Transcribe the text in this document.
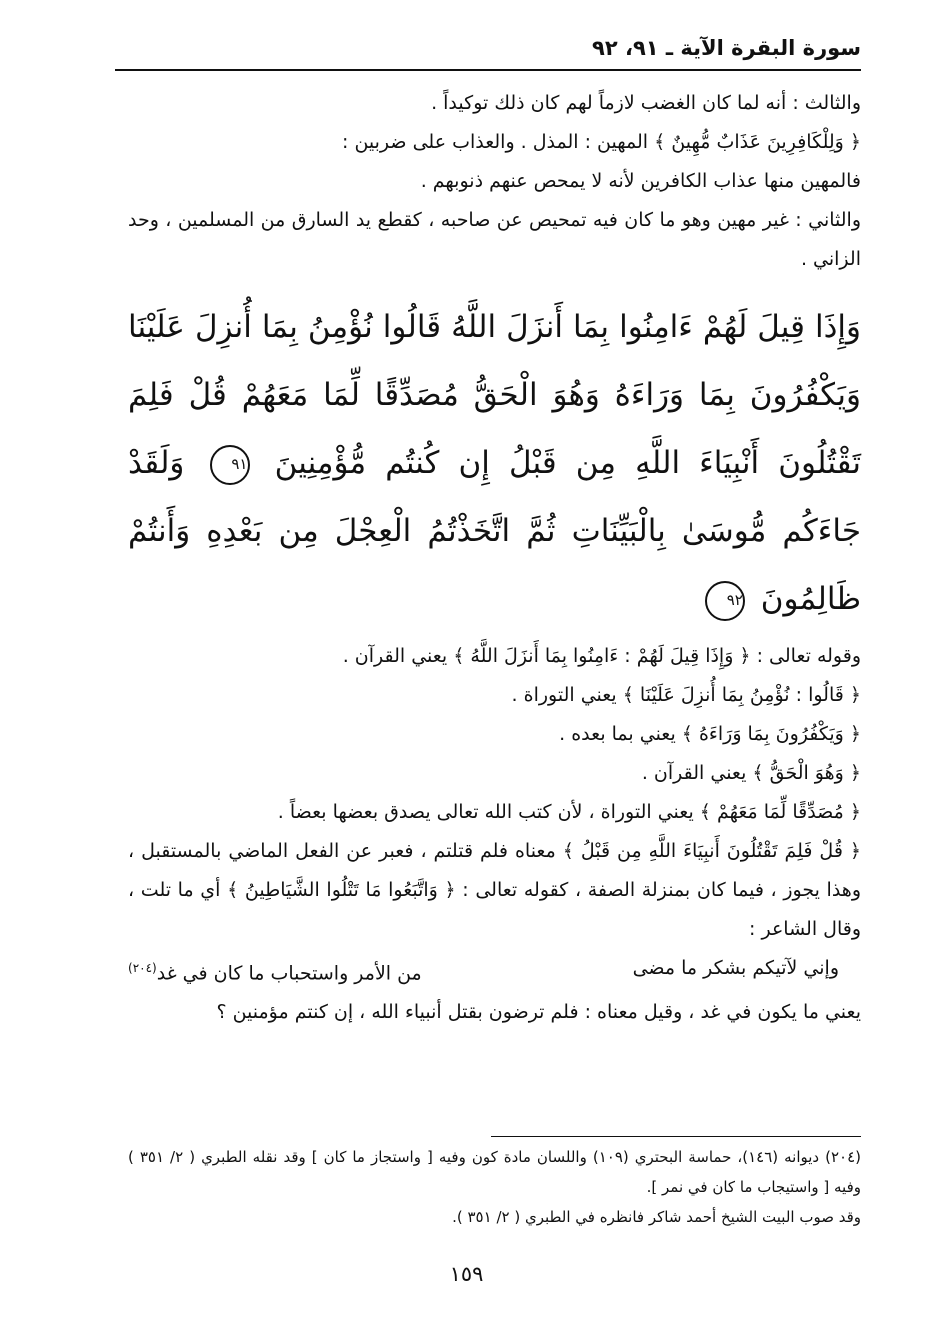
سورة البقرة الآية ـ ٩١، ٩٢

والثالث : أنه لما كان الغضب لازماً لهم كان ذلك توكيداً .

﴿ وَلِلْكَافِرِينَ عَذَابٌ مُّهِينٌ ﴾ المهين : المذل . والعذاب على ضربين :

فالمهين منها عذاب الكافرين لأنه لا يمحص عنهم ذنوبهم .

والثاني : غير مهين وهو ما كان فيه تمحيص عن صاحبه ، كقطع يد السارق من المسلمين ، وحد الزاني .

وَإِذَا قِيلَ لَهُمْ ءَامِنُوا بِمَا أَنزَلَ اللَّهُ قَالُوا نُؤْمِنُ بِمَا أُنزِلَ عَلَيْنَا وَيَكْفُرُونَ بِمَا وَرَاءَهُ وَهُوَ الْحَقُّ مُصَدِّقًا لِّمَا مَعَهُمْ قُلْ فَلِمَ تَقْتُلُونَ أَنْبِيَاءَ اللَّهِ مِن قَبْلُ إِن كُنتُم مُّؤْمِنِينَ ٩١ وَلَقَدْ جَاءَكُم مُّوسَىٰ بِالْبَيِّنَاتِ ثُمَّ اتَّخَذْتُمُ الْعِجْلَ مِن بَعْدِهِ وَأَنتُمْ ظَالِمُونَ ٩٢

وقوله تعالى : ﴿ وَإِذَا قِيلَ لَهُمْ : ءَامِنُوا بِمَا أَنزَلَ اللَّهُ ﴾ يعني القرآن .

﴿ قَالُوا : نُؤْمِنُ بِمَا أُنزِلَ عَلَيْنَا ﴾ يعني التوراة .

﴿ وَيَكْفُرُونَ بِمَا وَرَاءَهُ ﴾ يعني بما بعده .

﴿ وَهُوَ الْحَقُّ ﴾ يعني القرآن .

﴿ مُصَدِّقًا لِّمَا مَعَهُمْ ﴾ يعني التوراة ، لأن كتب الله تعالى يصدق بعضها بعضاً .

﴿ قُلْ فَلِمَ تَقْتُلُونَ أَنبِيَاءَ اللَّهِ مِن قَبْلُ ﴾ معناه فلم قتلتم ، فعبر عن الفعل الماضي بالمستقبل ، وهذا يجوز ، فيما كان بمنزلة الصفة ، كقوله تعالى : ﴿ وَاتَّبَعُوا مَا تَتْلُوا الشَّيَاطِينُ ﴾ أي ما تلت ، وقال الشاعر :

وإني لآتيكم بشكر ما مضى
من الأمر واستحباب ما كان في غد$^{(٢٠٤)}$

يعني ما يكون في غد ، وقيل معناه : فلم ترضون بقتل أنبياء الله ، إن كنتم مؤمنين ؟

(٢٠٤) ديوانه (١٤٦)، حماسة البحتري (١٠٩) واللسان مادة كون وفيه [ واستجاز ما كان ] وقد نقله الطبري ( ٢/ ٣٥١ ) وفيه [ واستيجاب ما كان في نمر ].

وقد صوب البيت الشيخ أحمد شاكر فانظره في الطبري ( ٢/ ٣٥١ ).

١٥٩
